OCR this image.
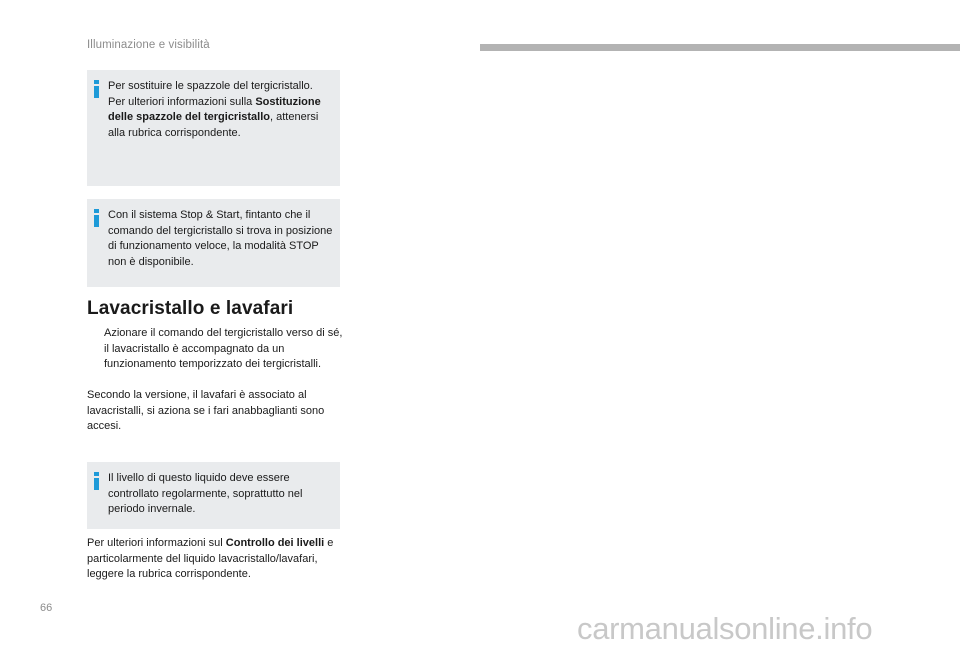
Illuminazione e visibilità
Per sostituire le spazzole del tergicristallo.
Per ulteriori informazioni sulla Sostituzione delle spazzole del tergicristallo, attenersi alla rubrica corrispondente.
Con il sistema Stop & Start, fintanto che il comando del tergicristallo si trova in posizione di funzionamento veloce, la modalità STOP non è disponibile.
Lavacristallo e lavafari
Azionare il comando del tergicristallo verso di sé, il lavacristallo è accompagnato da un funzionamento temporizzato dei tergicristalli.
Secondo la versione, il lavafari è associato al lavacristalli, si aziona se i fari anabbaglianti sono accesi.
Il livello di questo liquido deve essere controllato regolarmente, soprattutto nel periodo invernale.
Per ulteriori informazioni sul Controllo dei livelli e particolarmente del liquido lavacristallo/lavafari, leggere la rubrica corrispondente.
66
carmanualsonline.info
